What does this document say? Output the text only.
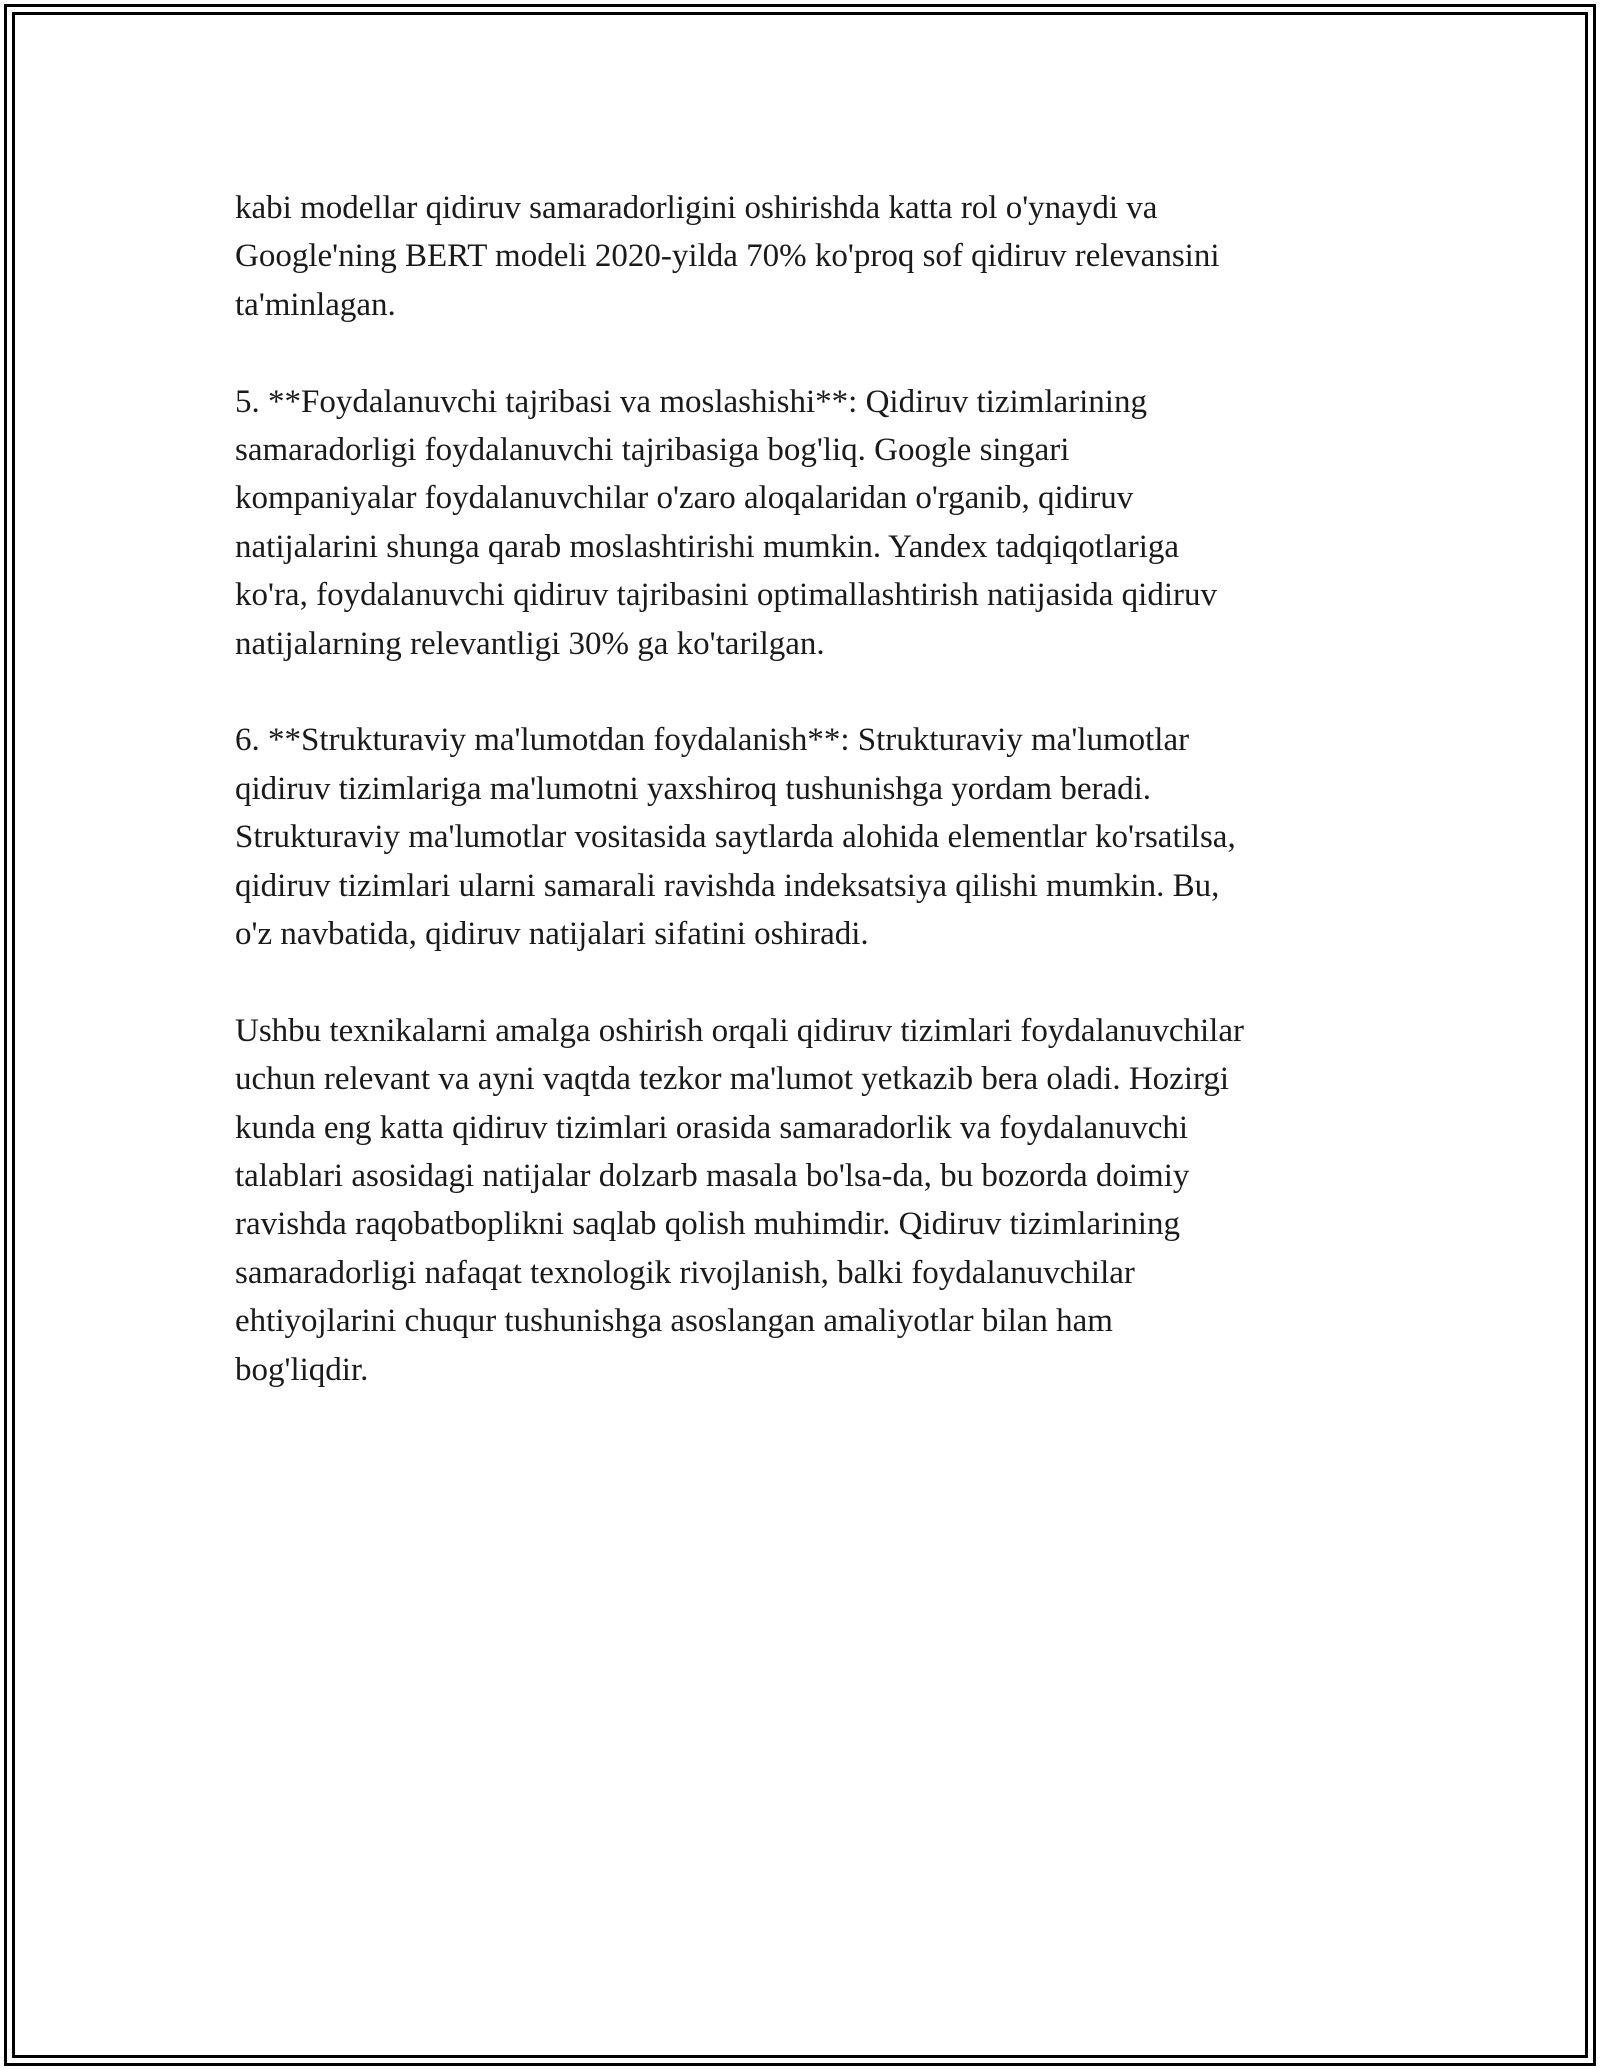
kabi modellar qidiruv samaradorligini oshirishda katta rol o'ynaydi va
Google'ning BERT modeli 2020-yilda 70% ko'proq sof qidiruv relevansini
ta'minlagan.

5. **Foydalanuvchi tajribasi va moslashishi**: Qidiruv tizimlarining
samaradorligi foydalanuvchi tajribasiga bog'liq. Google singari
kompaniyalar foydalanuvchilar o'zaro aloqalaridan o'rganib, qidiruv
natijalarini shunga qarab moslashtirishi mumkin. Yandex tadqiqotlariga
ko'ra, foydalanuvchi qidiruv tajribasini optimallashtirish natijasida qidiruv
natijalarning relevantligi 30% ga ko'tarilgan.

6. **Strukturaviy ma'lumotdan foydalanish**: Strukturaviy ma'lumotlar
qidiruv tizimlariga ma'lumotni yaxshiroq tushunishga yordam beradi.
Strukturaviy ma'lumotlar vositasida saytlarda alohida elementlar ko'rsatilsa,
qidiruv tizimlari ularni samarali ravishda indeksatsiya qilishi mumkin. Bu,
o'z navbatida, qidiruv natijalari sifatini oshiradi.

Ushbu texnikalarni amalga oshirish orqali qidiruv tizimlari foydalanuvchilar
uchun relevant va ayni vaqtda tezkor ma'lumot yetkazib bera oladi. Hozirgi
kunda eng katta qidiruv tizimlari orasida samaradorlik va foydalanuvchi
talablari asosidagi natijalar dolzarb masala bo'lsa-da, bu bozorda doimiy
ravishda raqobatboplikni saqlab qolish muhimdir. Qidiruv tizimlarining
samaradorligi nafaqat texnologik rivojlanish, balki foydalanuvchilar
ehtiyojlarini chuqur tushunishga asoslangan amaliyotlar bilan ham
bog'liqdir.
